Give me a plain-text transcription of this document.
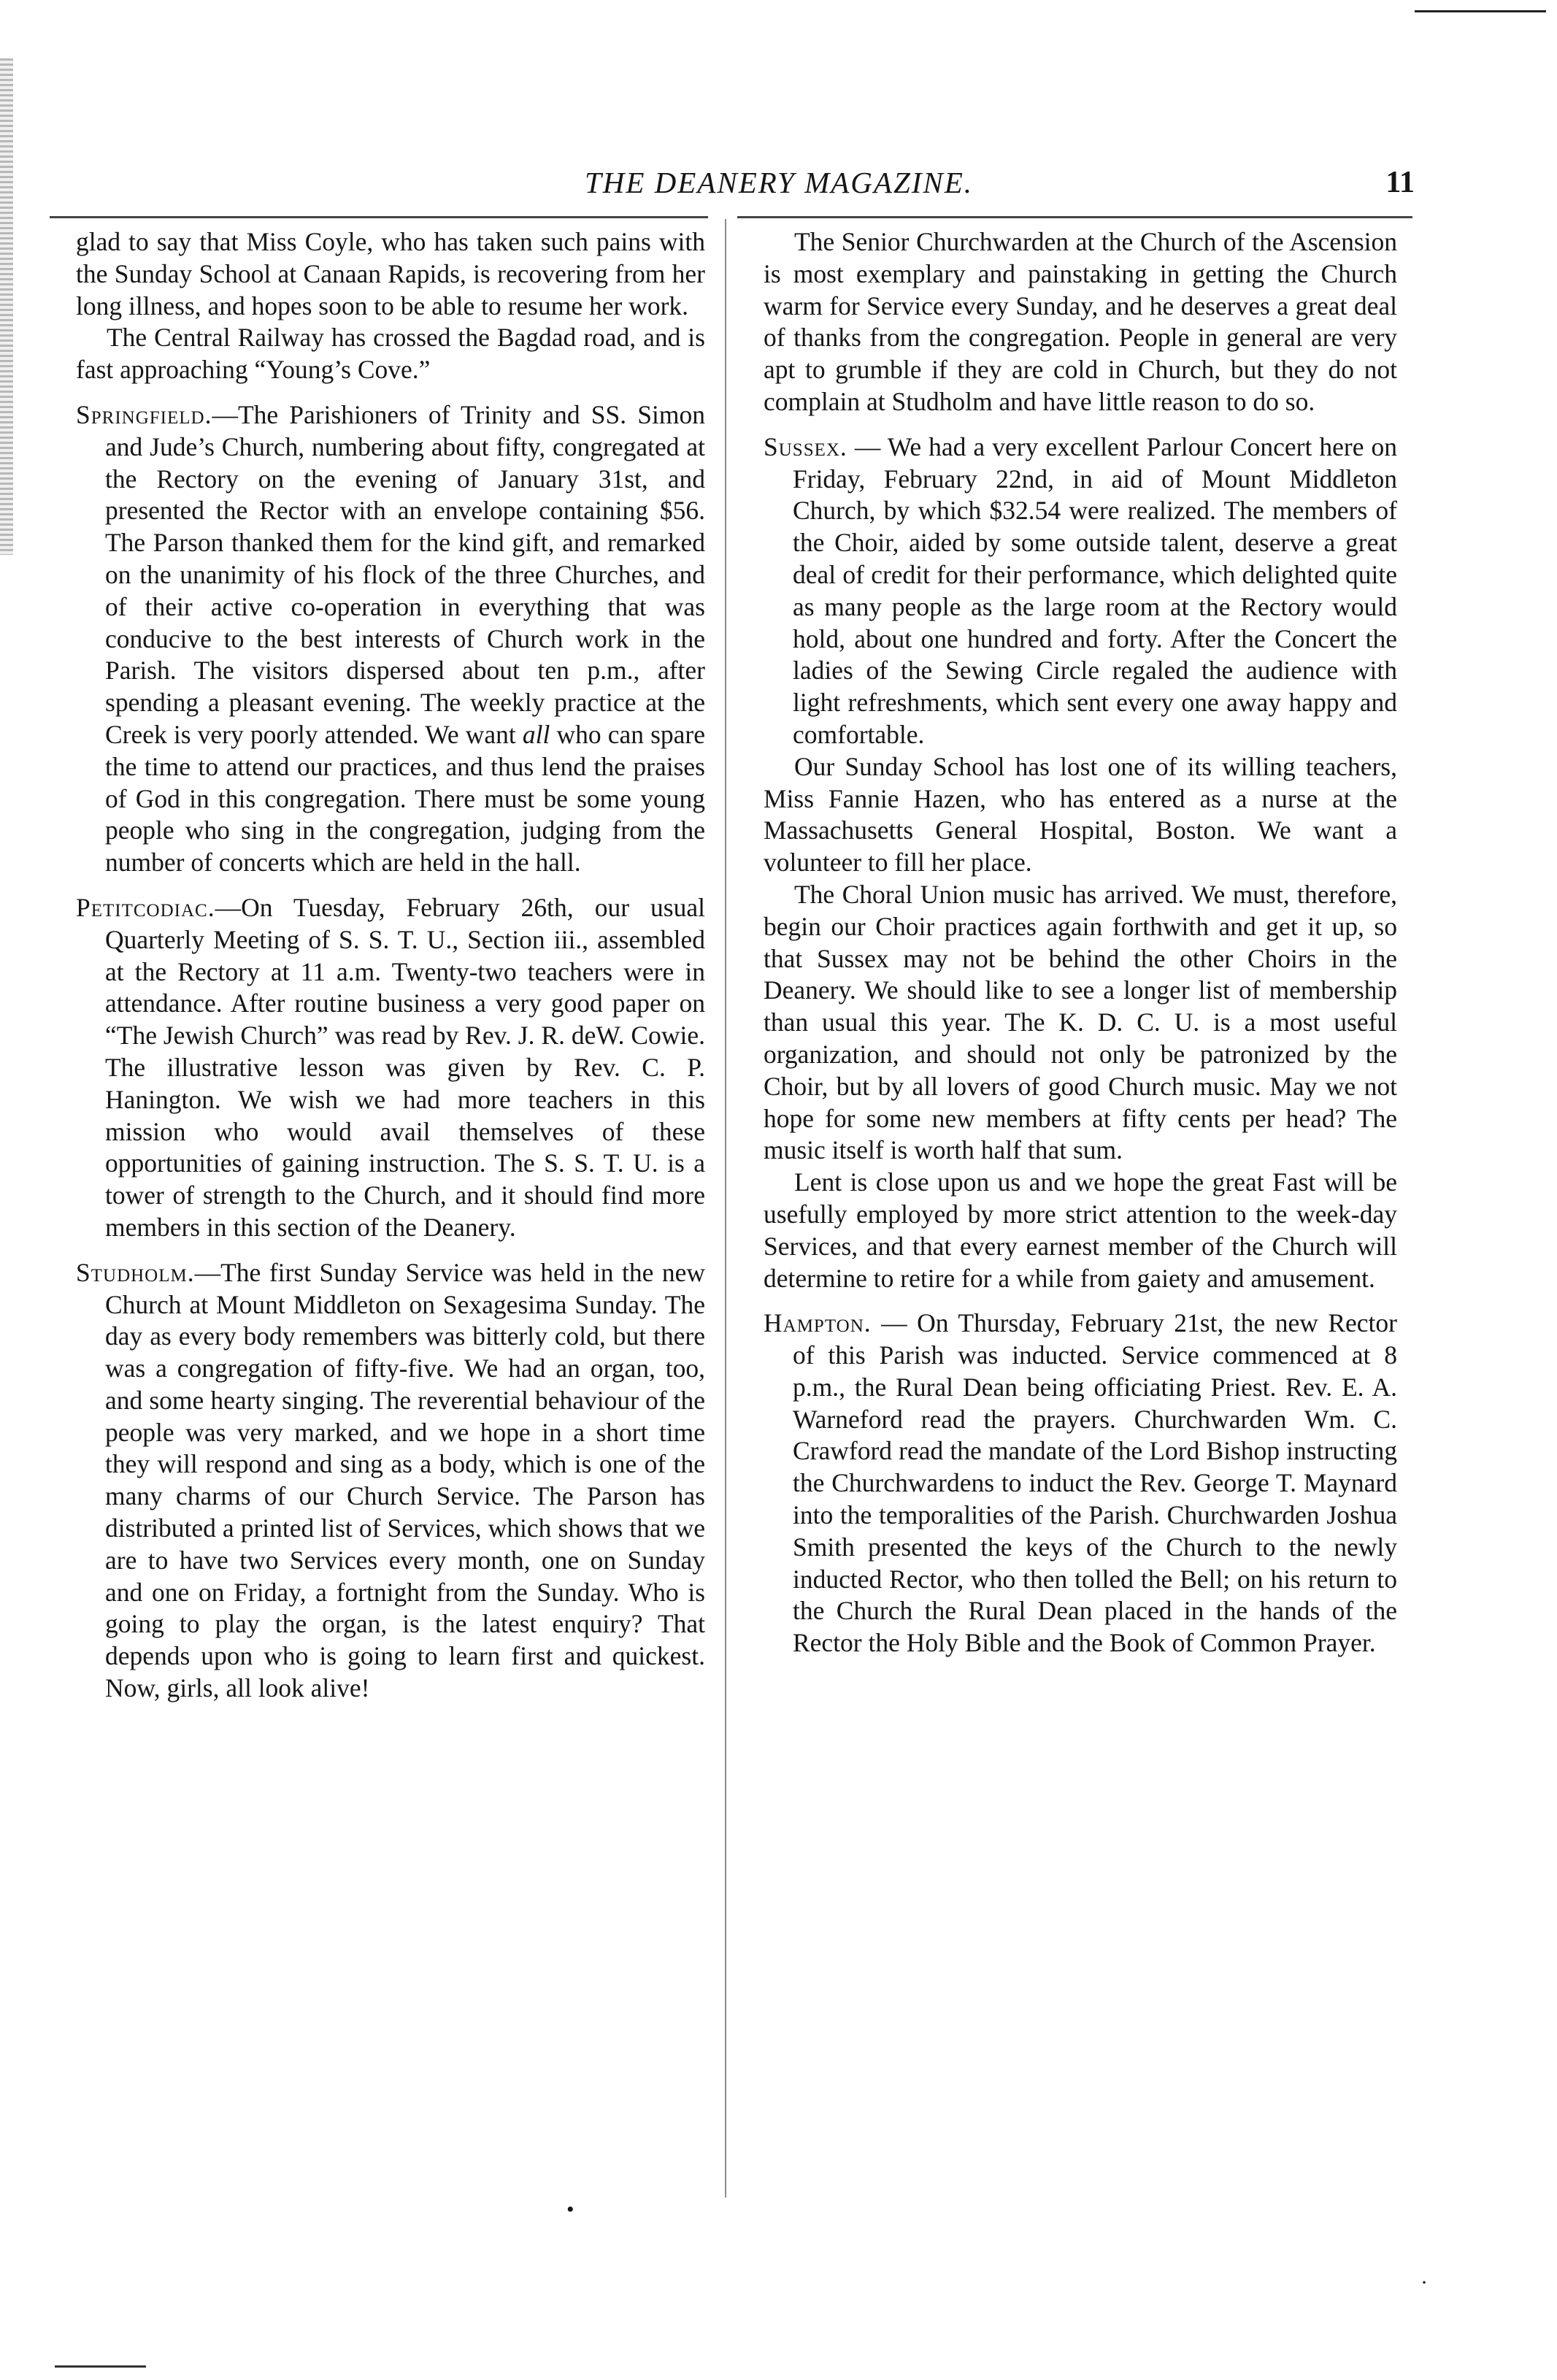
THE DEANERY MAGAZINE.	11

glad to say that Miss Coyle, who has taken such pains with the Sunday School at Canaan Rapids, is recovering from her long illness, and hopes soon to be able to resume her work.

The Central Railway has crossed the Bagdad road, and is fast approaching “Young’s Cove.”

Springfield.—The Parishioners of Trinity and SS. Simon and Jude’s Church, numbering about fifty, congregated at the Rectory on the evening of January 31st, and presented the Rector with an envelope containing $56. The Parson thanked them for the kind gift, and remarked on the unanimity of his flock of the three Churches, and of their active co-operation in everything that was conducive to the best interests of Church work in the Parish. The visitors dispersed about ten p.m., after spending a pleasant evening. The weekly practice at the Creek is very poorly attended. We want all who can spare the time to attend our practices, and thus lend the praises of God in this congregation. There must be some young people who sing in the congregation, judging from the number of concerts which are held in the hall.

Petitcodiac.—On Tuesday, February 26th, our usual Quarterly Meeting of S. S. T. U., Section iii., assembled at the Rectory at 11 a.m. Twenty-two teachers were in attendance. After routine business a very good paper on “The Jewish Church” was read by Rev. J. R. deW. Cowie. The illustrative lesson was given by Rev. C. P. Hanington. We wish we had more teachers in this mission who would avail themselves of these opportunities of gaining instruction. The S. S. T. U. is a tower of strength to the Church, and it should find more members in this section of the Deanery.

Studholm.—The first Sunday Service was held in the new Church at Mount Middleton on Sexagesima Sunday. The day as every body remembers was bitterly cold, but there was a congregation of fifty-five. We had an organ, too, and some hearty singing. The reverential behaviour of the people was very marked, and we hope in a short time they will respond and sing as a body, which is one of the many charms of our Church Service. The Parson has distributed a printed list of Services, which shows that we are to have two Services every month, one on Sunday and one on Friday, a fortnight from the Sunday. Who is going to play the organ, is the latest enquiry? That depends upon who is going to learn first and quickest. Now, girls, all look alive!

The Senior Churchwarden at the Church of the Ascension is most exemplary and painstaking in getting the Church warm for Service every Sunday, and he deserves a great deal of thanks from the congregation. People in general are very apt to grumble if they are cold in Church, but they do not complain at Studholm and have little reason to do so.

Sussex. — We had a very excellent Parlour Concert here on Friday, February 22nd, in aid of Mount Middleton Church, by which $32.54 were realized. The members of the Choir, aided by some outside talent, deserve a great deal of credit for their performance, which delighted quite as many people as the large room at the Rectory would hold, about one hundred and forty. After the Concert the ladies of the Sewing Circle regaled the audience with light refreshments, which sent every one away happy and comfortable.

Our Sunday School has lost one of its willing teachers, Miss Fannie Hazen, who has entered as a nurse at the Massachusetts General Hospital, Boston. We want a volunteer to fill her place.

The Choral Union music has arrived. We must, therefore, begin our Choir practices again forthwith and get it up, so that Sussex may not be behind the other Choirs in the Deanery. We should like to see a longer list of membership than usual this year. The K. D. C. U. is a most useful organization, and should not only be patronized by the Choir, but by all lovers of good Church music. May we not hope for some new members at fifty cents per head? The music itself is worth half that sum.

Lent is close upon us and we hope the great Fast will be usefully employed by more strict attention to the week-day Services, and that every earnest member of the Church will determine to retire for a while from gaiety and amusement.

Hampton. — On Thursday, February 21st, the new Rector of this Parish was inducted. Service commenced at 8 p.m., the Rural Dean being officiating Priest. Rev. E. A. Warneford read the prayers. Churchwarden Wm. C. Crawford read the mandate of the Lord Bishop instructing the Churchwardens to induct the Rev. George T. Maynard into the temporalities of the Parish. Churchwarden Joshua Smith presented the keys of the Church to the newly inducted Rector, who then tolled the Bell; on his return to the Church the Rural Dean placed in the hands of the Rector the Holy Bible and the Book of Common Prayer.

•
·
